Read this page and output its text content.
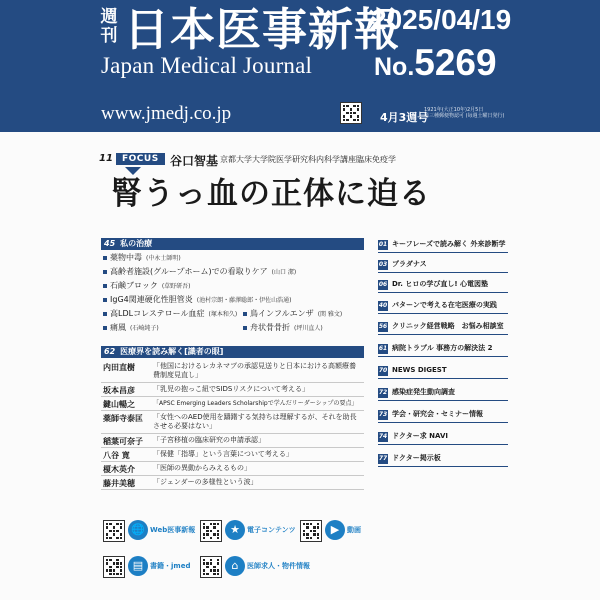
週刊 日本医事新報
Japan Medical Journal
www.jmedj.co.jp
2025/04/19
No.5269
4月3週号
1921年(大正10年)2月5日
第三種郵便物認可 (毎週土曜日発行)
11	FOCUS 谷口智基 京都大学大学院医学研究科内科学講座臨床免疫学
腎うっ血の正体に迫る
45 私の治療
薬物中毒 (中永士師明)
高齢者施設(グループホーム)での看取りケア (山口 潔)
石鹸ブロック (草野研吾)
IgG4関連硬化性胆管炎 (池村宗朗・藤澤聡郎・伊佐山浩通)
高LDLコレステロール血症 (塚本和久)	鳥インフルエンザ (関 雅文)
痛風 (石崎純子)	舟状骨骨折 (坪川直人)
62 医療界を読み解く[識者の眼]
内田直樹	「他国におけるレカネマブの承認見送りと日本における高額療養費制度見直し」
坂本昌彦	「乳児の抱っこ紐でSIDSリスクについて考える」
鍵山暢之	「APSC Emerging Leaders Scholarshipで学んだリーダーシップの要点」
薬師寺泰匡	「女性へのAED使用を躊躇する気持ちは理解するが、それを助長させる必要はない」
稲葉可奈子	「子宮移植の臨床研究の申請承認」
八谷 寛	「保健「指導」という言葉について考える」
榎木英介	「医師の異動からみえるもの」
藤井美穂	「ジェンダーの多様性という波」
01 キーフレーズで読み解く 外来診断学
03 プラダナス
06 Dr. ヒロの学び直し! 心電図塾
40 パターンで考える在宅医療の実践
56 クリニック経営戦略　お悩み相談室
61 病院トラブル 事務方の解決法 2
70 NEWS DIGEST
72 感染症発生動向調査
73 学会・研究会・セミナー情報
74 ドクター求 NAVI
77 ドクター掲示板
🌐 Web医事新報	★	電子コンテンツ	▶	動画
▤ 書籍・jmed	⌂	医師求人・物件情報
